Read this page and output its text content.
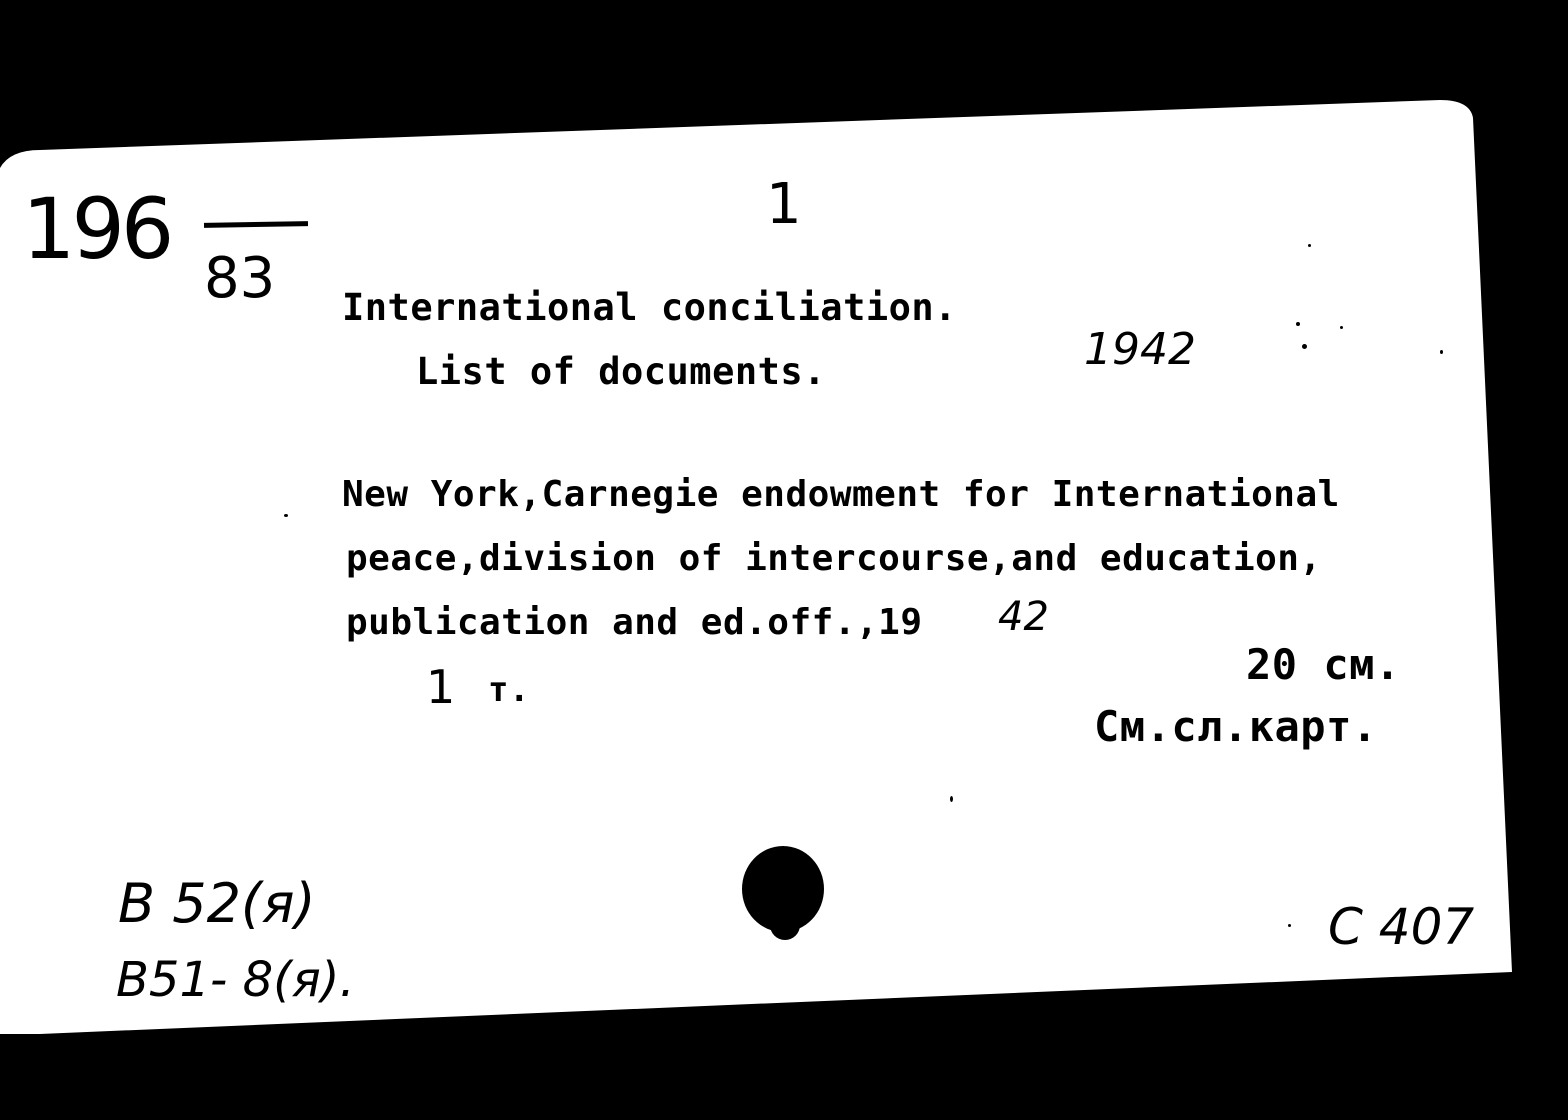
196
83
1
International conciliation.
List of documents.	1942
New York,Carnegie endowment for International
peace,division of intercourse,and education,
publication and ed.off.,19 42
1 т.
20 см.
См.сл.карт.
B 52(я)
B51- 8(я).
C 407
